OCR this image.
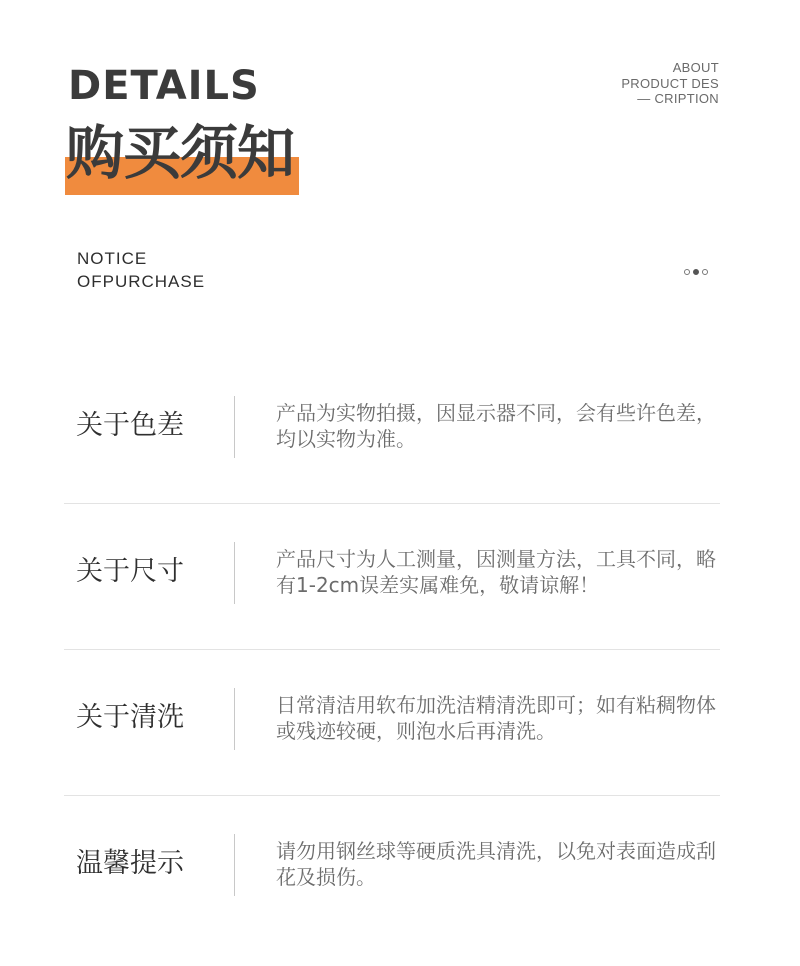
DETAILS	ABOUT
PRODUCT DES
— CRIPTION
购买须知
NOTICE
OFPURCHASE
关于色差	产品为实物拍摄，因显示器不同，会有些许色差，均以实物为准。
关于尺寸	产品尺寸为人工测量，因测量方法，工具不同，略有1-2cm误差实属难免，敬请谅解！
关于清洗	日常清洁用软布加洗洁精清洗即可；如有粘稠物体或残迹较硬，则泡水后再清洗。
温馨提示	请勿用钢丝球等硬质洗具清洗，以免对表面造成刮花及损伤。
